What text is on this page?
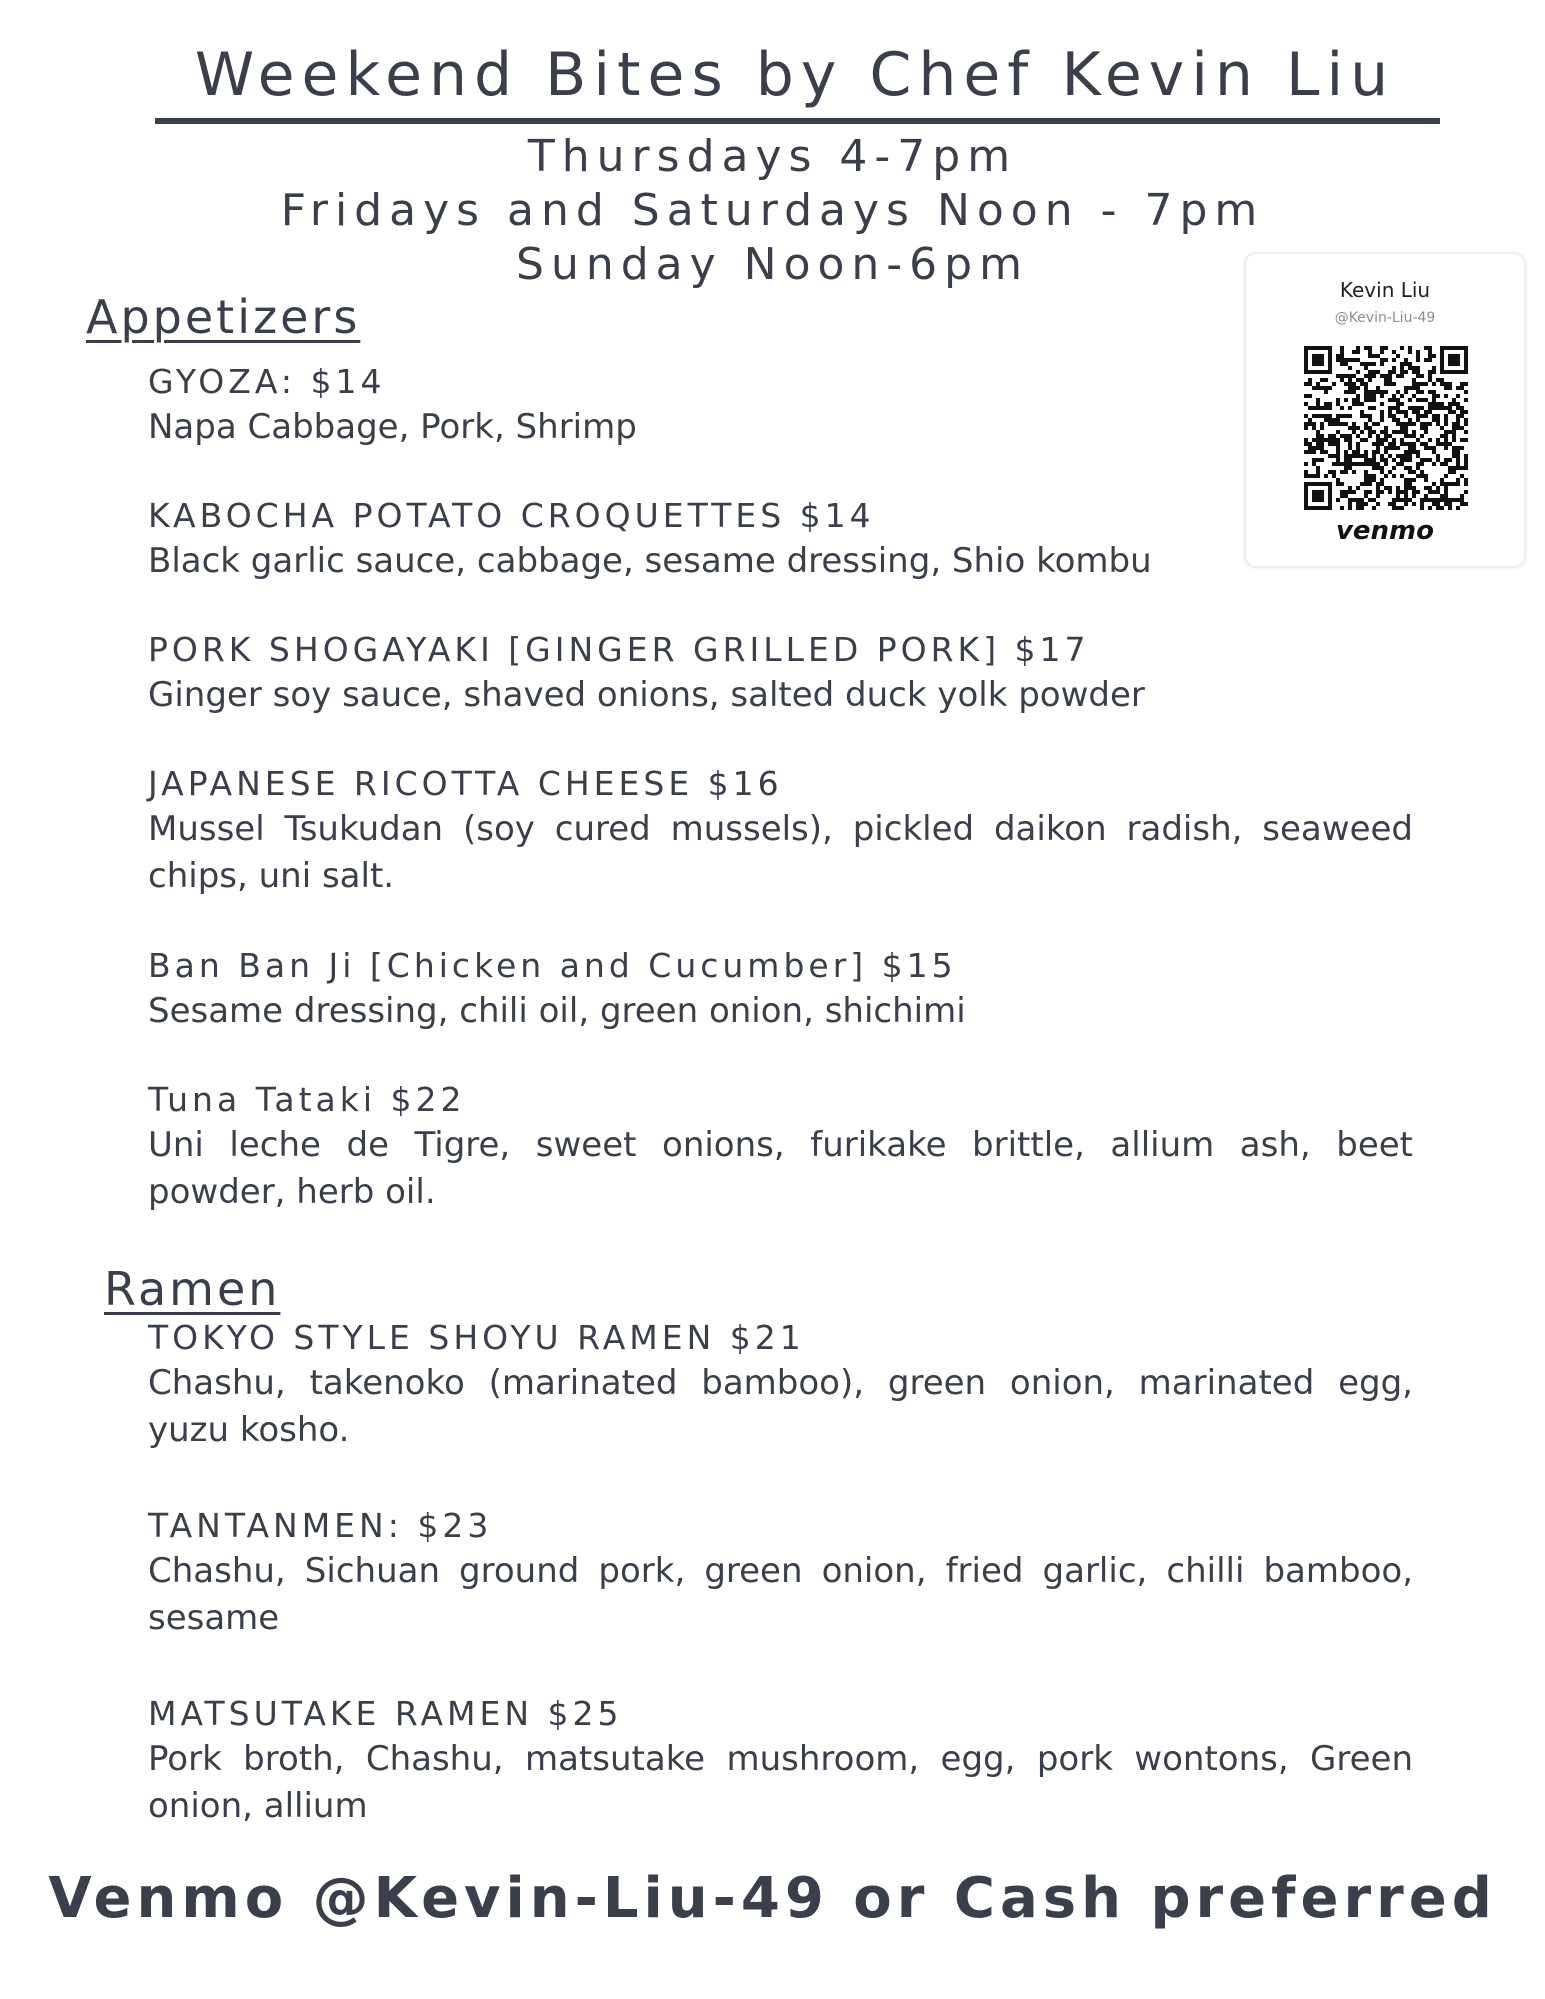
Weekend Bites by Chef Kevin Liu
Thursdays 4-7pm
Fridays and Saturdays Noon - 7pm
Sunday Noon-6pm	Kevin Liu
@Kevin-Liu-49
venmo
Appetizers
GYOZA: $14
Napa Cabbage, Pork, Shrimp
KABOCHA POTATO CROQUETTES $14
Black garlic sauce, cabbage, sesame dressing, Shio kombu
PORK SHOGAYAKI [GINGER GRILLED PORK] $17
Ginger soy sauce, shaved onions, salted duck yolk powder
JAPANESE RICOTTA CHEESE $16
Mussel Tsukudan (soy cured mussels), pickled daikon radish, seaweed chips, uni salt.
Ban Ban Ji [Chicken and Cucumber] $15
Sesame dressing, chili oil, green onion, shichimi
Tuna Tataki $22
Uni leche de Tigre, sweet onions, furikake brittle, allium ash, beet powder, herb oil.
Ramen
TOKYO STYLE SHOYU RAMEN $21
Chashu, takenoko (marinated bamboo), green onion, marinated egg, yuzu kosho.
TANTANMEN: $23
Chashu, Sichuan ground pork, green onion, fried garlic, chilli bamboo, sesame
MATSUTAKE RAMEN $25
Pork broth, Chashu, matsutake mushroom, egg, pork wontons, Green onion, allium
Venmo @Kevin-Liu-49 or Cash preferred
